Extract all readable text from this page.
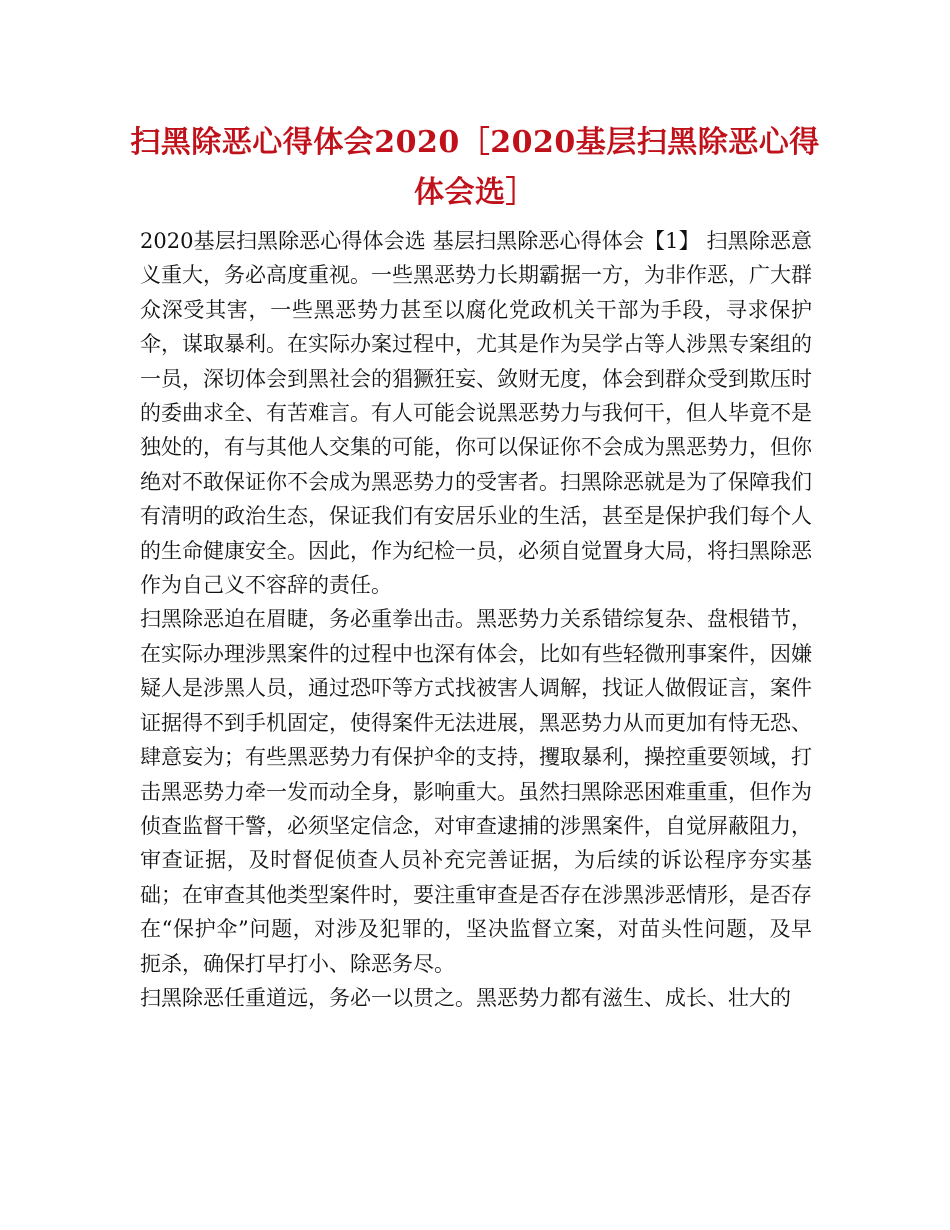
扫黑除恶心得体会2020［2020基层扫黑除恶心得体会选］

2020基层扫黑除恶心得体会选 基层扫黑除恶心得体会【1】 扫黑除恶意义重大，务必高度重视。一些黑恶势力长期霸据一方，为非作恶，广大群众深受其害，一些黑恶势力甚至以腐化党政机关干部为手段，寻求保护伞，谋取暴利。在实际办案过程中，尤其是作为吴学占等人涉黑专案组的一员，深切体会到黑社会的猖獗狂妄、敛财无度，体会到群众受到欺压时的委曲求全、有苦难言。有人可能会说黑恶势力与我何干，但人毕竟不是独处的，有与其他人交集的可能，你可以保证你不会成为黑恶势力，但你绝对不敢保证你不会成为黑恶势力的受害者。扫黑除恶就是为了保障我们有清明的政治生态，保证我们有安居乐业的生活，甚至是保护我们每个人的生命健康安全。因此，作为纪检一员，必须自觉置身大局，将扫黑除恶作为自己义不容辞的责任。

扫黑除恶迫在眉睫，务必重拳出击。黑恶势力关系错综复杂、盘根错节，在实际办理涉黑案件的过程中也深有体会，比如有些轻微刑事案件，因嫌疑人是涉黑人员，通过恐吓等方式找被害人调解，找证人做假证言，案件证据得不到手机固定，使得案件无法进展，黑恶势力从而更加有恃无恐、肆意妄为；有些黑恶势力有保护伞的支持，攫取暴利，操控重要领域，打击黑恶势力牵一发而动全身，影响重大。虽然扫黑除恶困难重重，但作为侦查监督干警，必须坚定信念，对审查逮捕的涉黑案件，自觉屏蔽阻力，审查证据，及时督促侦查人员补充完善证据，为后续的诉讼程序夯实基础；在审查其他类型案件时，要注重审查是否存在涉黑涉恶情形，是否存在“保护伞”问题，对涉及犯罪的，坚决监督立案，对苗头性问题，及早扼杀，确保打早打小、除恶务尽。

扫黑除恶任重道远，务必一以贯之。黑恶势力都有滋生、成长、壮大的
